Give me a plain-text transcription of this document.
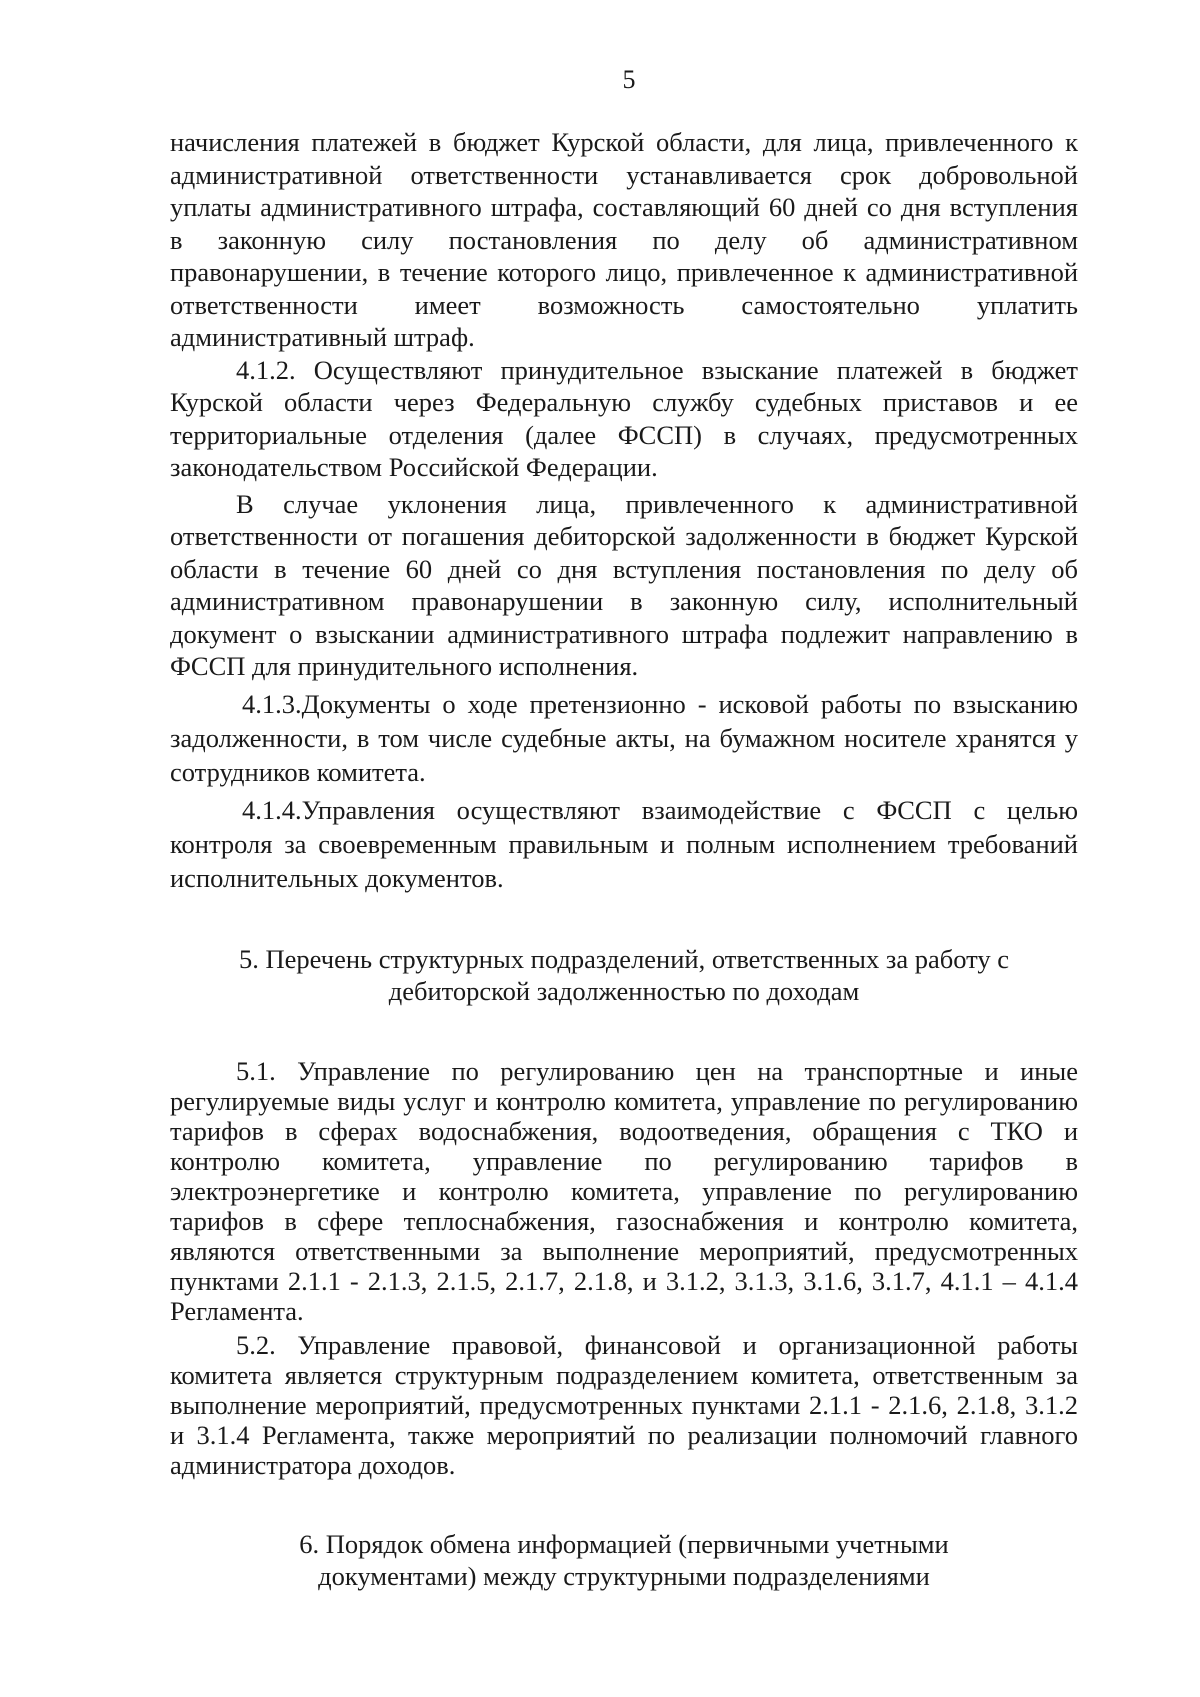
5

начисления платежей в бюджет Курской области, для лица, привлеченного к административной ответственности устанавливается срок добровольной уплаты административного штрафа, составляющий 60 дней со дня вступления в законную силу постановления по делу об административном правонарушении, в течение которого лицо, привлеченное к административной ответственности имеет возможность самостоятельно уплатить административный штраф.

4.1.2. Осуществляют принудительное взыскание платежей в бюджет Курской области через Федеральную службу судебных приставов и ее территориальные отделения (далее ФССП) в случаях, предусмотренных законодательством Российской Федерации.

В случае уклонения лица, привлеченного к административной ответственности от погашения дебиторской задолженности в бюджет Курской области в течение 60 дней со дня вступления постановления по делу об административном правонарушении в законную силу, исполнительный документ о взыскании административного штрафа подлежит направлению в ФССП для принудительного исполнения.

4.1.3.Документы о ходе претензионно - исковой работы по взысканию задолженности, в том числе судебные акты, на бумажном носителе хранятся у сотрудников комитета.

4.1.4.Управления осуществляют взаимодействие с ФССП с целью контроля за своевременным правильным и полным исполнением требований исполнительных документов.

5. Перечень структурных подразделений, ответственных за работу с
дебиторской задолженностью по доходам

5.1. Управление по регулированию цен на транспортные и иные регулируемые виды услуг и контролю комитета, управление по регулированию тарифов в сферах водоснабжения, водоотведения, обращения с ТКО и контролю комитета, управление по регулированию тарифов в электроэнергетике и контролю комитета, управление по регулированию тарифов в сфере теплоснабжения, газоснабжения и контролю комитета, являются ответственными за выполнение мероприятий, предусмотренных пунктами 2.1.1 - 2.1.3, 2.1.5, 2.1.7, 2.1.8, и 3.1.2, 3.1.3, 3.1.6, 3.1.7, 4.1.1 – 4.1.4 Регламента.

5.2. Управление правовой, финансовой и организационной работы комитета является структурным подразделением комитета, ответственным за выполнение мероприятий, предусмотренных пунктами 2.1.1 - 2.1.6, 2.1.8, 3.1.2 и 3.1.4 Регламента, также мероприятий по реализации полномочий главного администратора доходов.

6. Порядок обмена информацией (первичными учетными
документами) между структурными подразделениями
